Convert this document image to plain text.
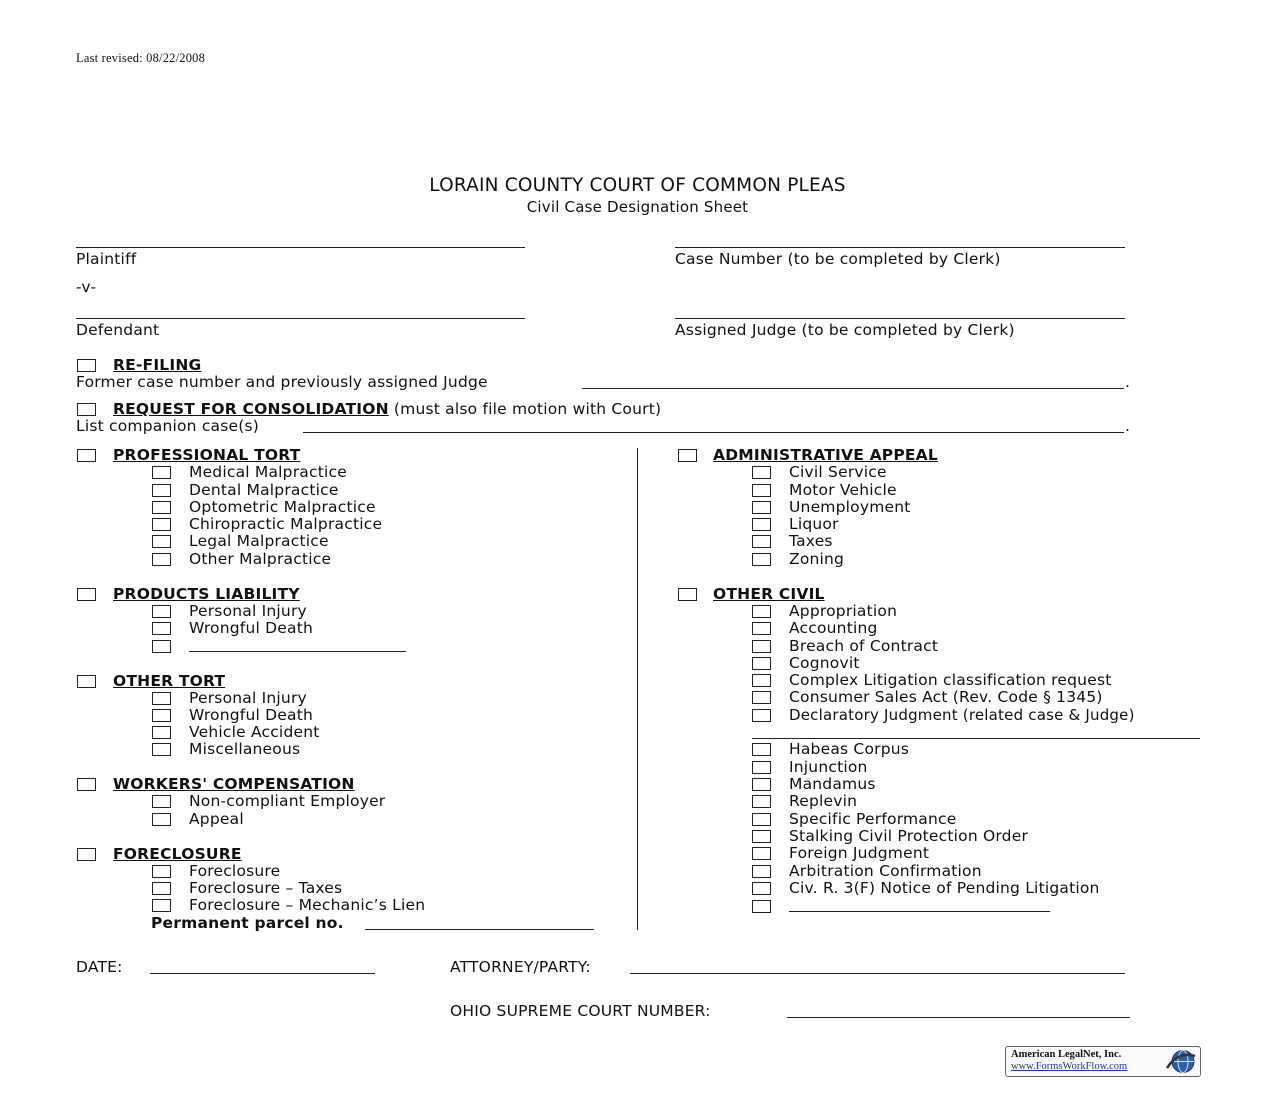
Last revised: 08/22/2008
LORAIN COUNTY COURT OF COMMON PLEAS
Civil Case Designation Sheet
Plaintiff	Case Number (to be completed by Clerk)
-v-
Defendant	Assigned Judge (to be completed by Clerk)
RE-FILING
Former case number and previously assigned Judge	.
REQUEST FOR CONSOLIDATION (must also file motion with Court)
List companion case(s)	.
PROFESSIONAL TORT
Medical Malpractice
Dental Malpractice
Optometric Malpractice
Chiropractic Malpractice
Legal Malpractice
Other Malpractice
PRODUCTS LIABILITY
Personal Injury
Wrongful Death
OTHER TORT
Personal Injury
Wrongful Death
Vehicle Accident
Miscellaneous
WORKERS' COMPENSATION
Non-compliant Employer
Appeal
FORECLOSURE
Foreclosure
Foreclosure – Taxes
Foreclosure – Mechanic’s Lien
Permanent parcel no.
ADMINISTRATIVE APPEAL
Civil Service
Motor Vehicle
Unemployment
Liquor
Taxes
Zoning
OTHER CIVIL
Appropriation
Accounting
Breach of Contract
Cognovit
Complex Litigation classification request
Consumer Sales Act (Rev. Code § 1345)
Declaratory Judgment (related case & Judge)
Habeas Corpus
Injunction
Mandamus
Replevin
Specific Performance
Stalking Civil Protection Order
Foreign Judgment
Arbitration Confirmation
Civ. R. 3(F) Notice of Pending Litigation
DATE:	ATTORNEY/PARTY:
OHIO SUPREME COURT NUMBER:
American LegalNet, Inc.
www.FormsWorkFlow.com
